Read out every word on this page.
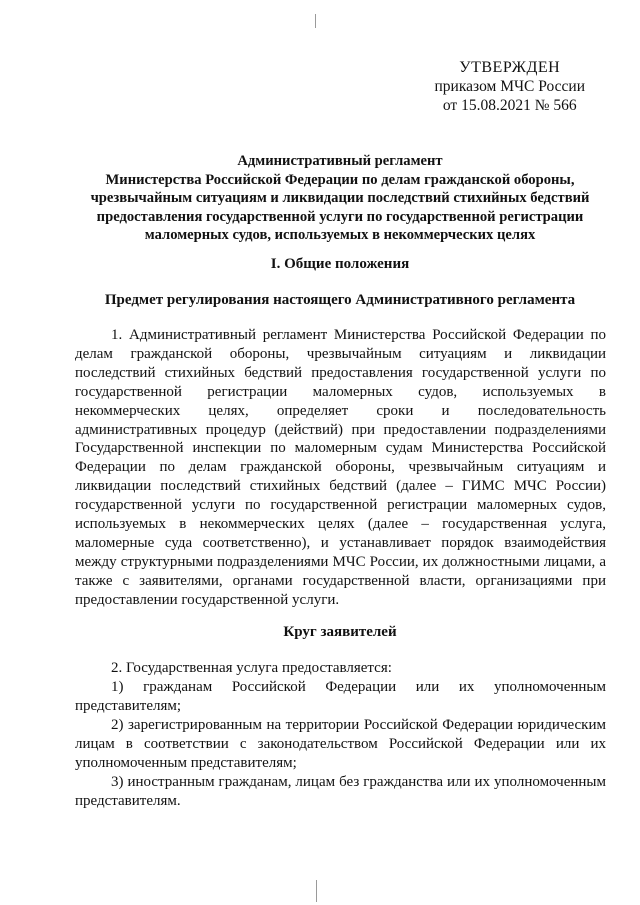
УТВЕРЖДЕН
приказом МЧС России
от 15.08.2021 № 566
Административный регламент
Министерства Российской Федерации по делам гражданской обороны,
чрезвычайным ситуациям и ликвидации последствий стихийных бедствий
предоставления государственной услуги по государственной регистрации
маломерных судов, используемых в некоммерческих целях
I. Общие положения
Предмет регулирования настоящего Административного регламента

1. Административный регламент Министерства Российской Федерации по делам гражданской обороны, чрезвычайным ситуациям и ликвидации последствий стихийных бедствий предоставления государственной услуги по государственной регистрации маломерных судов, используемых в некоммерческих целях, определяет сроки и последовательность административных процедур (действий) при предоставлении подразделениями Государственной инспекции по маломерным судам Министерства Российской Федерации по делам гражданской обороны, чрезвычайным ситуациям и ликвидации последствий стихийных бедствий (далее – ГИМС МЧС России) государственной услуги по государственной регистрации маломерных судов, используемых в некоммерческих целях (далее – государственная услуга, маломерные суда соответственно), и устанавливает порядок взаимодействия между структурными подразделениями МЧС России, их должностными лицами, а также с заявителями, органами государственной власти, организациями при предоставлении государственной услуги.

Круг заявителей

2. Государственная услуга предоставляется:

1) гражданам Российской Федерации или их уполномоченным представителям;

2) зарегистрированным на территории Российской Федерации юридическим лицам в соответствии с законодательством Российской Федерации или их уполномоченным представителям;

3) иностранным гражданам, лицам без гражданства или их уполномоченным представителям.
